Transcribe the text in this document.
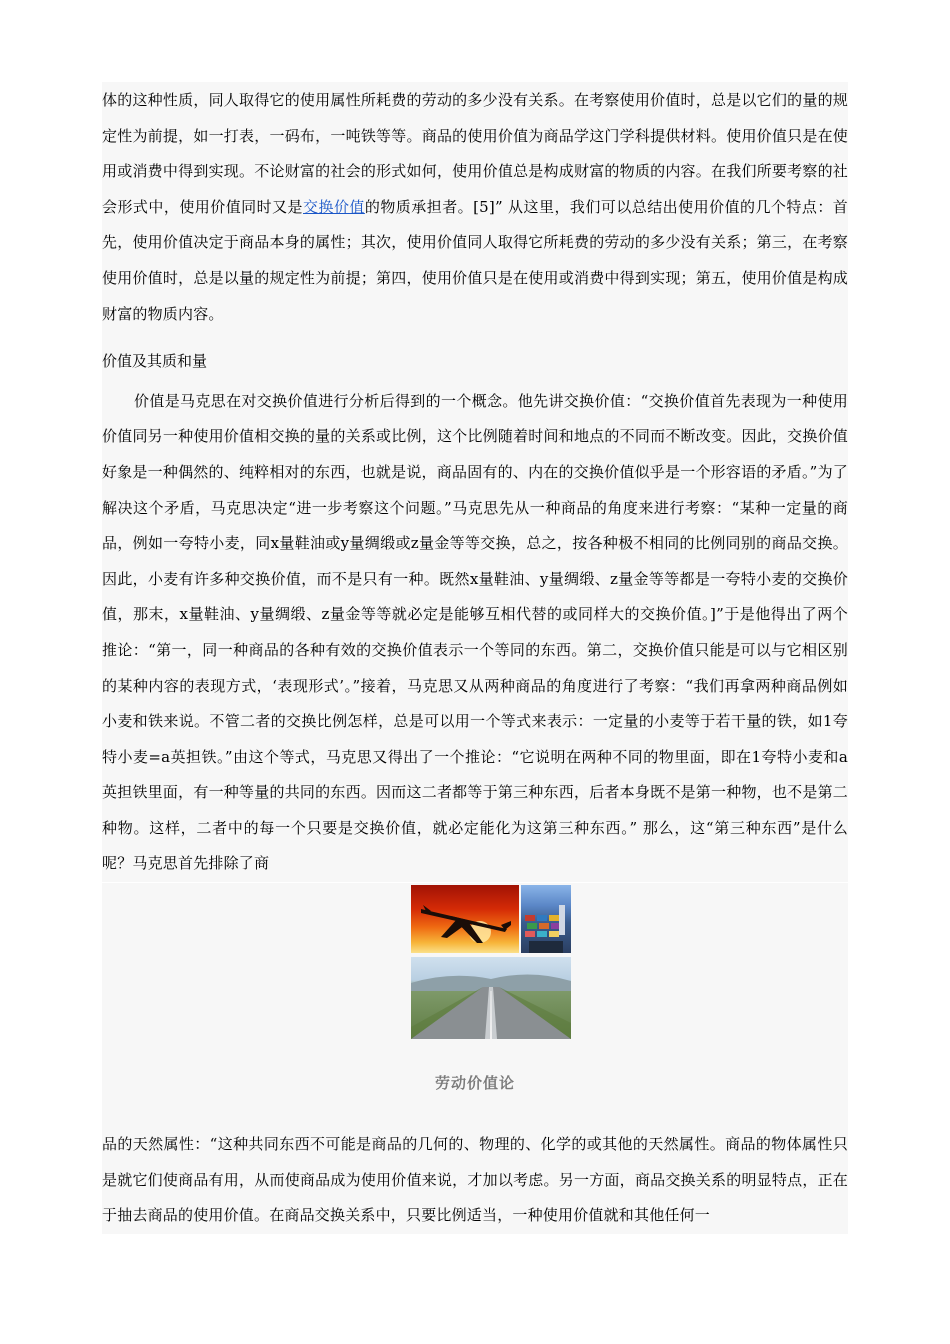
体的这种性质，同人取得它的使用属性所耗费的劳动的多少没有关系。在考察使用价值时，总是以它们的量的规定性为前提，如一打表，一码布，一吨铁等等。商品的使用价值为商品学这门学科提供材料。使用价值只是在使用或消费中得到实现。不论财富的社会的形式如何，使用价值总是构成财富的物质的内容。在我们所要考察的社会形式中，使用价值同时又是交换价值的物质承担者。[5]” 从这里，我们可以总结出使用价值的几个特点：首先，使用价值决定于商品本身的属性；其次，使用价值同人取得它所耗费的劳动的多少没有关系；第三，在考察使用价值时，总是以量的规定性为前提；第四，使用价值只是在使用或消费中得到实现；第五，使用价值是构成财富的物质内容。

价值及其质和量

价值是马克思在对交换价值进行分析后得到的一个概念。他先讲交换价值：“交换价值首先表现为一种使用价值同另一种使用价值相交换的量的关系或比例，这个比例随着时间和地点的不同而不断改变。因此，交换价值好象是一种偶然的、纯粹相对的东西，也就是说，商品固有的、内在的交换价值似乎是一个形容语的矛盾。”为了解决这个矛盾，马克思决定“进一步考察这个问题。”马克思先从一种商品的角度来进行考察：“某种一定量的商品，例如一夸特小麦，同x量鞋油或y量绸缎或z量金等等交换，总之，按各种极不相同的比例同别的商品交换。因此，小麦有许多种交换价值，而不是只有一种。既然x量鞋油、y量绸缎、z量金等等都是一夸特小麦的交换价值，那末，x量鞋油、y量绸缎、z量金等等就必定是能够互相代替的或同样大的交换价值。]”于是他得出了两个推论：“第一，同一种商品的各种有效的交换价值表示一个等同的东西。第二，交换价值只能是可以与它相区别的某种内容的表现方式，‘表现形式’。”接着，马克思又从两种商品的角度进行了考察：“我们再拿两种商品例如小麦和铁来说。不管二者的交换比例怎样，总是可以用一个等式来表示：一定量的小麦等于若干量的铁，如1夸特小麦=a英担铁。”由这个等式，马克思又得出了一个推论：“它说明在两种不同的物里面，即在1夸特小麦和a英担铁里面，有一种等量的共同的东西。因而这二者都等于第三种东西，后者本身既不是第一种物，也不是第二种物。这样，二者中的每一个只要是交换价值，就必定能化为这第三种东西。” 那么，这“第三种东西”是什么呢？马克思首先排除了商

劳动价值论

品的天然属性：“这种共同东西不可能是商品的几何的、物理的、化学的或其他的天然属性。商品的物体属性只是就它们使商品有用，从而使商品成为使用价值来说，才加以考虑。另一方面，商品交换关系的明显特点，正在于抽去商品的使用价值。在商品交换关系中，只要比例适当，一种使用价值就和其他任何一
